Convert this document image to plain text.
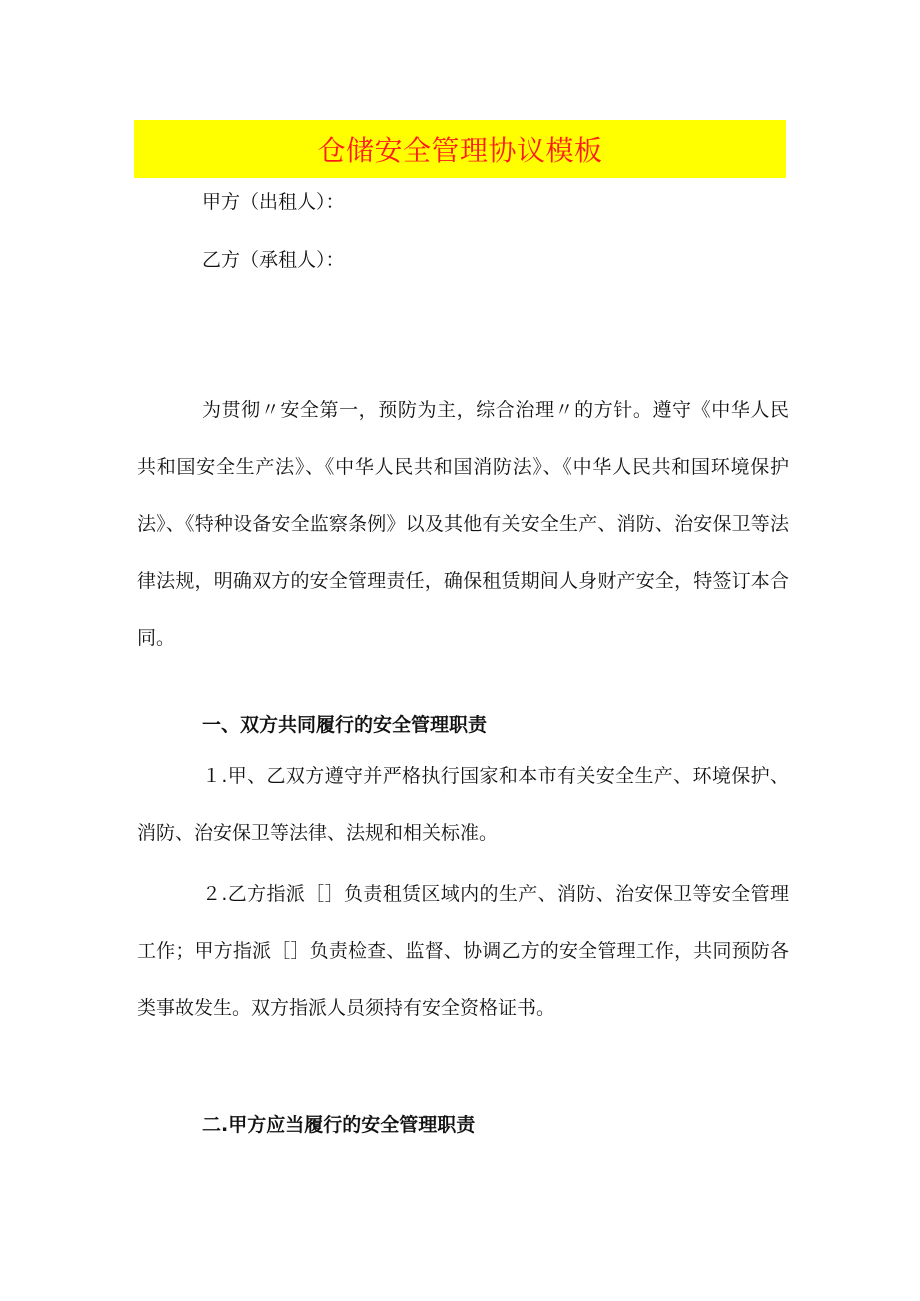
仓储安全管理协议模板
甲方（出租人）：
乙方（承租人）：

为贯彻〃安全第一，预防为主，综合治理〃的方针。遵守《中华人民共和国安全生产法》、《中华人民共和国消防法》、《中华人民共和国环境保护法》、《特种设备安全监察条例》以及其他有关安全生产、消防、治安保卫等法律法规，明确双方的安全管理责任，确保租赁期间人身财产安全，特签订本合同。

一、双方共同履行的安全管理职责

１.甲、乙双方遵守并严格执行国家和本市有关安全生产、环境保护、消防、治安保卫等法律、法规和相关标准。

２.乙方指派［］负责租赁区域内的生产、消防、治安保卫等安全管理工作；甲方指派［］负责检查、监督、协调乙方的安全管理工作，共同预防各类事故发生。双方指派人员须持有安全资格证书。

二.甲方应当履行的安全管理职责
